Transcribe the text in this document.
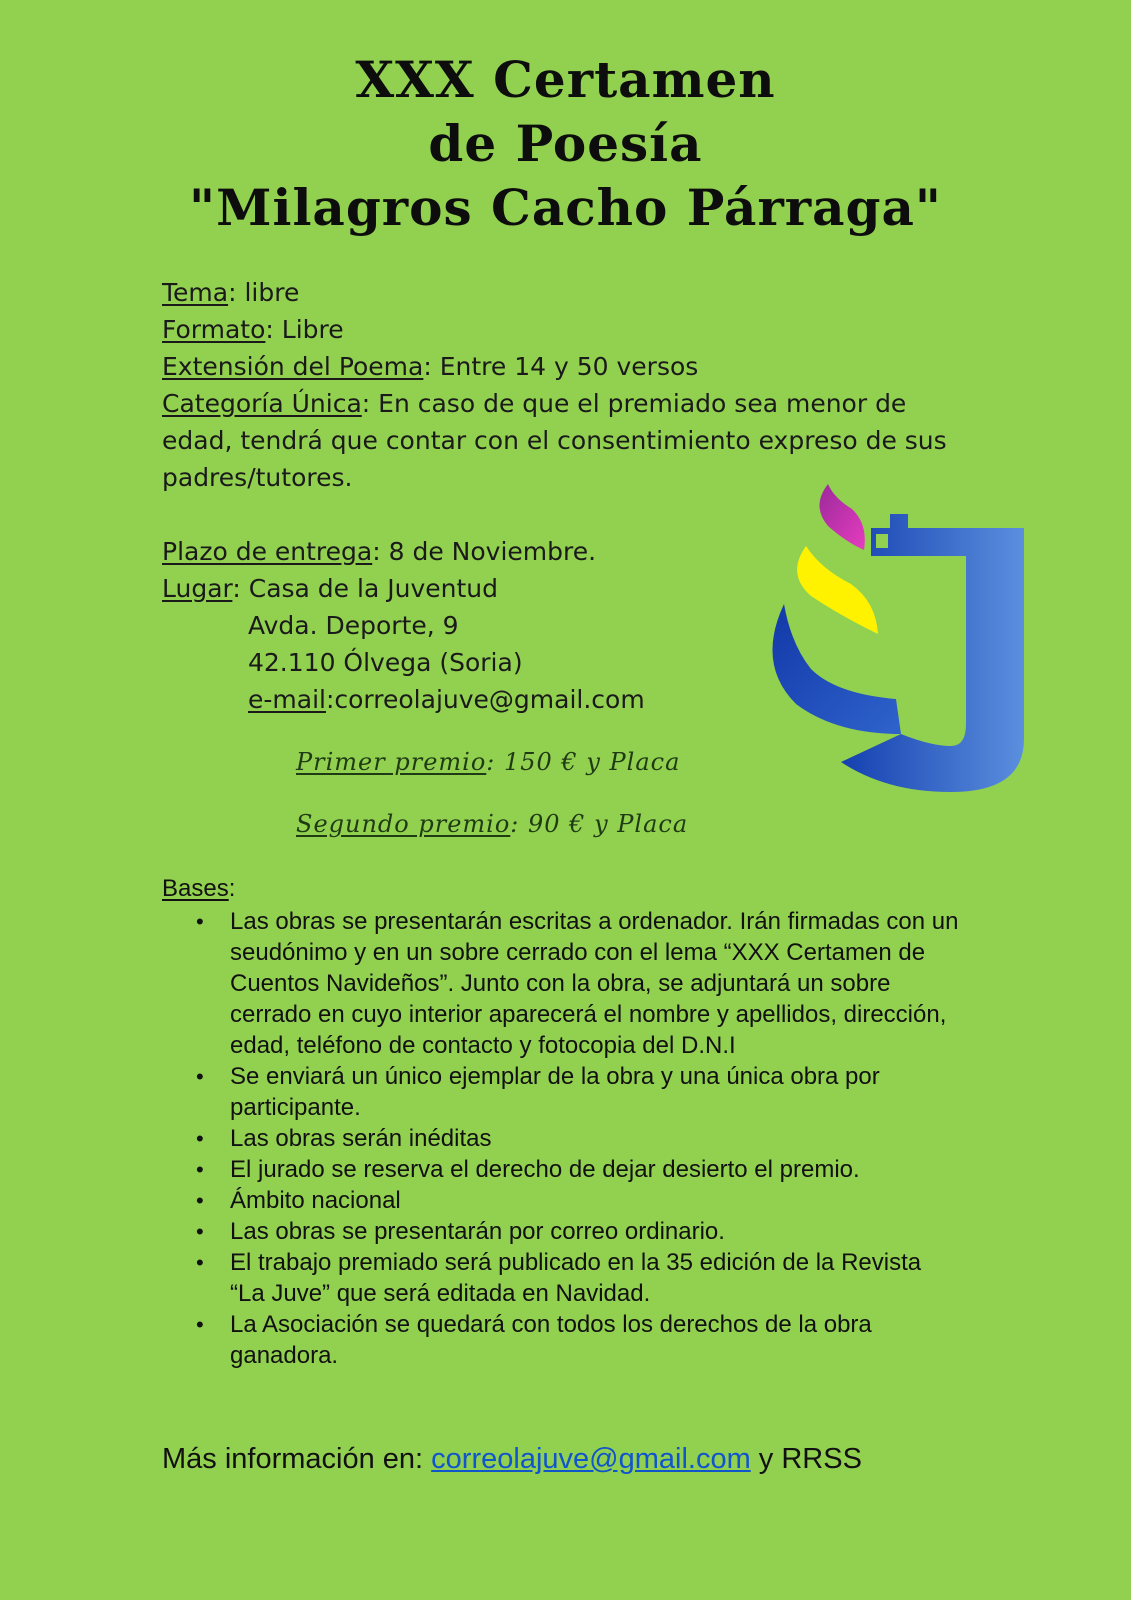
XXX Certamen
de Poesía
"Milagros Cacho Párraga"
Tema: libre
Formato: Libre
Extensión del Poema: Entre 14 y 50 versos
Categoría Única: En caso de que el premiado sea menor de edad, tendrá que contar con el consentimiento expreso de sus padres/tutores.
Plazo de entrega: 8 de Noviembre.
Lugar: Casa de la Juventud
Avda. Deporte, 9
42.110 Ólvega (Soria)
e-mail:correolajuve@gmail.com
Primer premio: 150 € y Placa
Segundo premio: 90 € y Placa
Bases:
• Las obras se presentarán escritas a ordenador. Irán firmadas con un seudónimo y en un sobre cerrado con el lema “XXX Certamen de Cuentos Navideños”. Junto con la obra, se adjuntará un sobre cerrado en cuyo interior aparecerá el nombre y apellidos, dirección, edad, teléfono de contacto y fotocopia del D.N.I
• Se enviará un único ejemplar de la obra y una única obra por participante.
• Las obras serán inéditas
• El jurado se reserva el derecho de dejar desierto el premio.
• Ámbito nacional
• Las obras se presentarán por correo ordinario.
• El trabajo premiado será publicado en la 35 edición de la Revista “La Juve” que será editada en Navidad.
• La Asociación se quedará con todos los derechos de la obra ganadora.
Más información en: correolajuve@gmail.com y RRSS
